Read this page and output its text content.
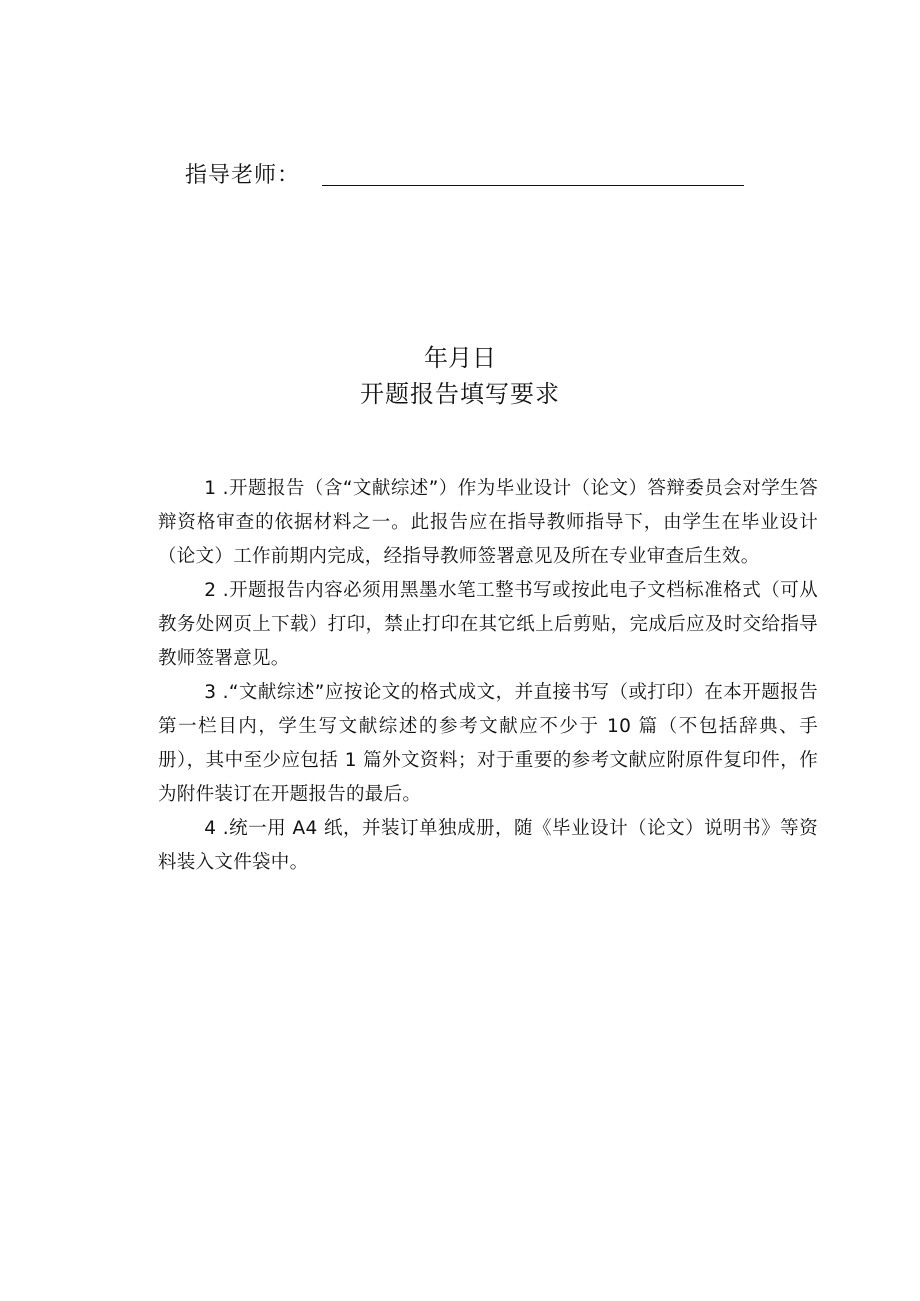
指导老师：
年月日
开题报告填写要求

1 .开题报告（含“文献综述”）作为毕业设计（论文）答辩委员会对学生答辩资格审查的依据材料之一。此报告应在指导教师指导下，由学生在毕业设计（论文）工作前期内完成，经指导教师签署意见及所在专业审查后生效。

2 .开题报告内容必须用黑墨水笔工整书写或按此电子文档标准格式（可从教务处网页上下载）打印，禁止打印在其它纸上后剪贴，完成后应及时交给指导教师签署意见。

3 .“文献综述”应按论文的格式成文，并直接书写（或打印）在本开题报告第一栏目内，学生写文献综述的参考文献应不少于 10 篇（不包括辞典、手册），其中至少应包括 1 篇外文资料；对于重要的参考文献应附原件复印件，作为附件装订在开题报告的最后。

4 .统一用 A4 纸，并装订单独成册，随《毕业设计（论文）说明书》等资料装入文件袋中。
